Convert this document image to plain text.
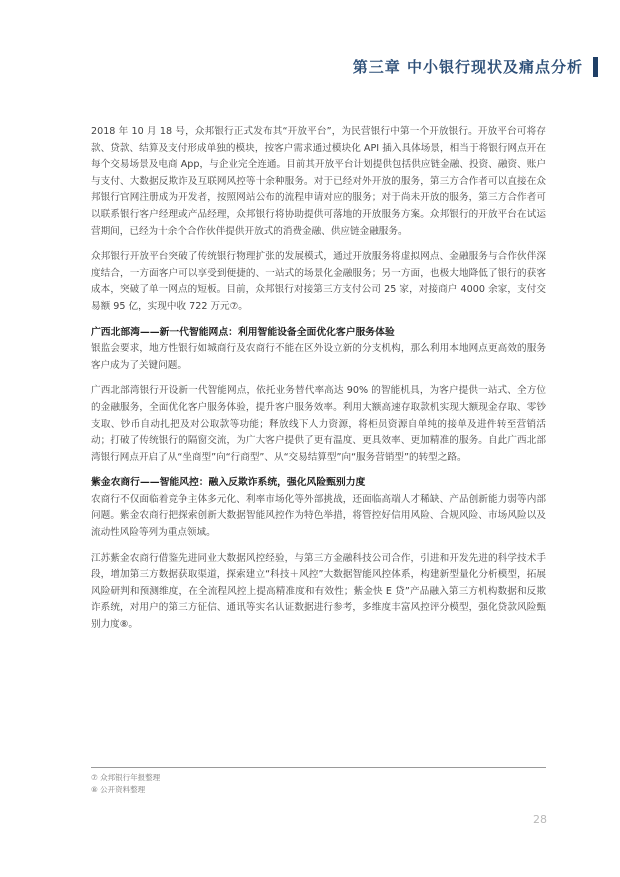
第三章 中小银行现状及痛点分析

2018 年 10 月 18 号，众邦银行正式发布其“开放平台”，为民营银行中第一个开放银行。开放平台可将存款、贷款、结算及支付形成单独的模块，按客户需求通过模块化 API 插入具体场景，相当于将银行网点开在每个交易场景及电商 App，与企业完全连通。目前其开放平台计划提供包括供应链金融、投资、融资、账户与支付、大数据反欺诈及互联网风控等十余种服务。对于已经对外开放的服务，第三方合作者可以直接在众邦银行官网注册成为开发者，按照网站公布的流程申请对应的服务；对于尚未开放的服务，第三方合作者可以联系银行客户经理或产品经理，众邦银行将协助提供可落地的开放服务方案。众邦银行的开放平台在试运营期间，已经为十余个合作伙伴提供开放式的消费金融、供应链金融服务。

众邦银行开放平台突破了传统银行物理扩张的发展模式，通过开放服务将虚拟网点、金融服务与合作伙伴深度结合，一方面客户可以享受到便捷的、一站式的场景化金融服务；另一方面，也极大地降低了银行的获客成本，突破了单一网点的短板。目前，众邦银行对接第三方支付公司 25 家，对接商户 4000 余家，支付交易额 95 亿，实现中收 722 万元⑦。

广西北部湾——新一代智能网点：利用智能设备全面优化客户服务体验

银监会要求，地方性银行如城商行及农商行不能在区外设立新的分支机构，那么利用本地网点更高效的服务客户成为了关键问题。

广西北部湾银行开设新一代智能网点，依托业务替代率高达 90% 的智能机具，为客户提供一站式、全方位的金融服务，全面优化客户服务体验，提升客户服务效率。利用大额高速存取款机实现大额现金存取、零钞支取、钞币自动扎把及对公取款等功能；释放线下人力资源，将柜员资源自单纯的接单及进件转至营销活动；打破了传统银行的隔窗交流，为广大客户提供了更有温度、更具效率、更加精准的服务。自此广西北部湾银行网点开启了从“坐商型”向“行商型”、从“交易结算型”向“服务营销型”的转型之路。

紫金农商行——智能风控：融入反欺诈系统，强化风险甄别力度

农商行不仅面临着竞争主体多元化、利率市场化等外部挑战，还面临高端人才稀缺、产品创新能力弱等内部问题。紫金农商行把探索创新大数据智能风控作为特色举措，将管控好信用风险、合规风险、市场风险以及流动性风险等列为重点领域。

江苏紫金农商行借鉴先进同业大数据风控经验，与第三方金融科技公司合作，引进和开发先进的科学技术手段，增加第三方数据获取渠道，探索建立“科技＋风控”大数据智能风控体系，构建新型量化分析模型，拓展风险研判和预测维度，在全流程风控上提高精准度和有效性；紫金快 E 贷”产品融入第三方机构数据和反欺诈系统，对用户的第三方征信、通讯等实名认证数据进行参考，多维度丰富风控评分模型，强化贷款风险甄别力度⑧。

⑦ 众邦银行年报整理
⑧ 公开资料整理
28
